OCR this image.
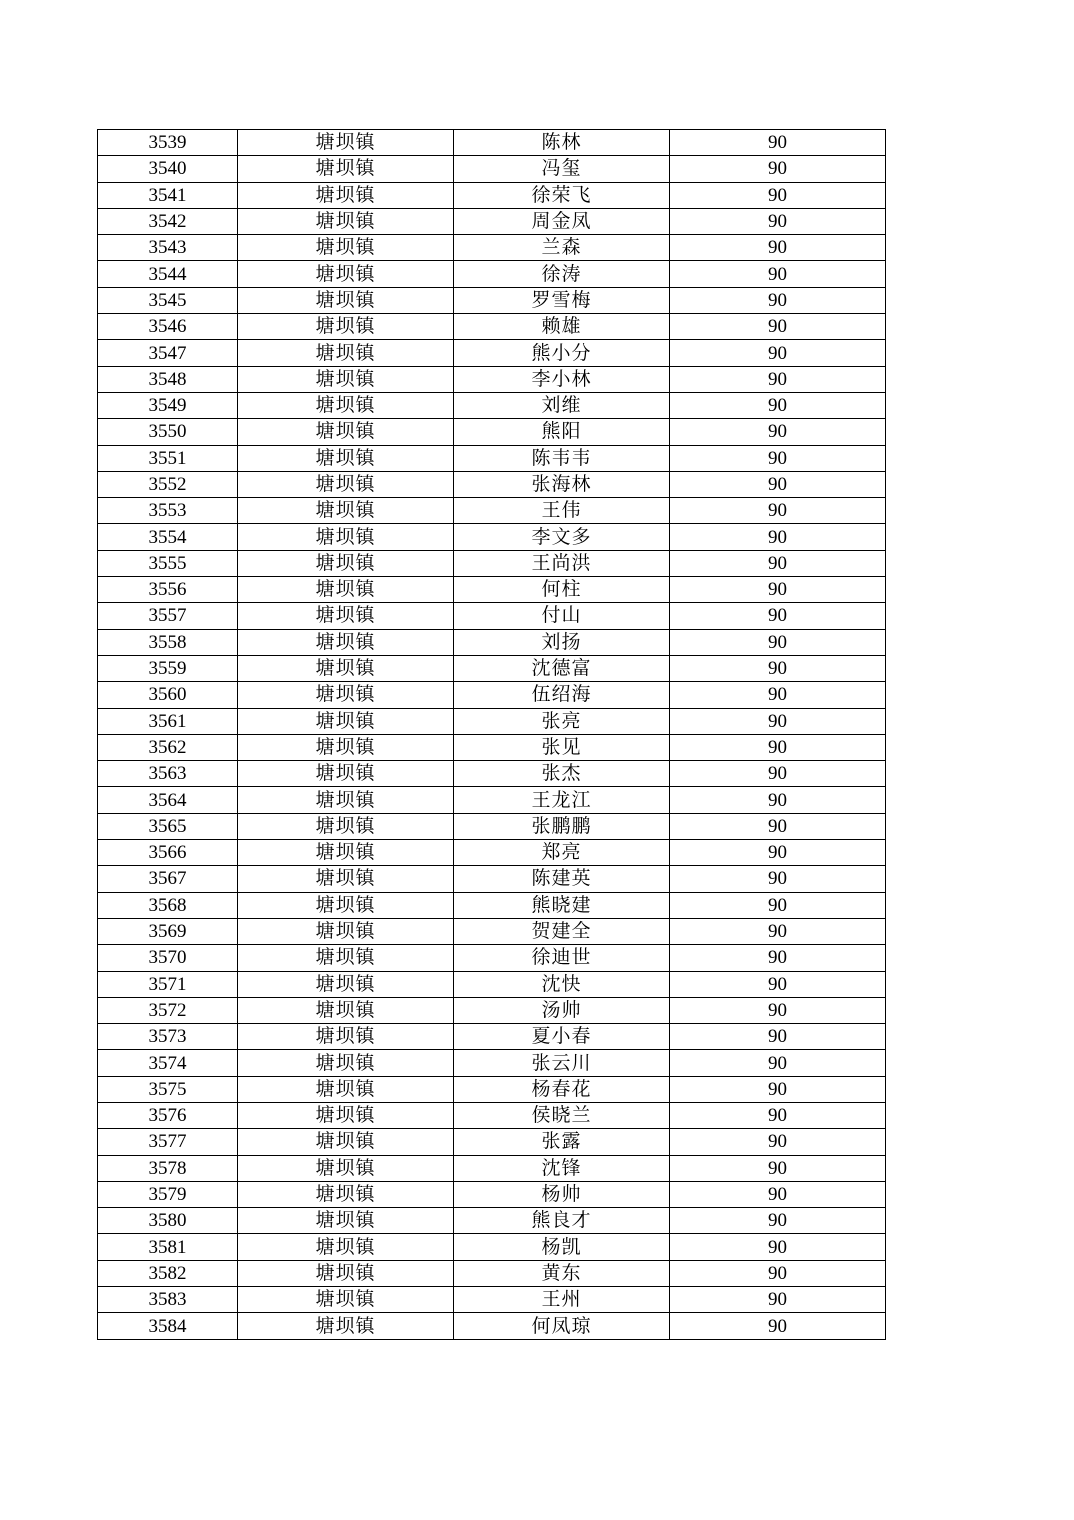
3539	塘坝镇	陈林	90
3540	塘坝镇	冯玺	90
3541	塘坝镇	徐荣飞	90
3542	塘坝镇	周金凤	90
3543	塘坝镇	兰森	90
3544	塘坝镇	徐涛	90
3545	塘坝镇	罗雪梅	90
3546	塘坝镇	赖雄	90
3547	塘坝镇	熊小分	90
3548	塘坝镇	李小林	90
3549	塘坝镇	刘维	90
3550	塘坝镇	熊阳	90
3551	塘坝镇	陈韦韦	90
3552	塘坝镇	张海林	90
3553	塘坝镇	王伟	90
3554	塘坝镇	李文多	90
3555	塘坝镇	王尚洪	90
3556	塘坝镇	何柱	90
3557	塘坝镇	付山	90
3558	塘坝镇	刘扬	90
3559	塘坝镇	沈德富	90
3560	塘坝镇	伍绍海	90
3561	塘坝镇	张亮	90
3562	塘坝镇	张见	90
3563	塘坝镇	张杰	90
3564	塘坝镇	王龙江	90
3565	塘坝镇	张鹏鹏	90
3566	塘坝镇	郑亮	90
3567	塘坝镇	陈建英	90
3568	塘坝镇	熊晓建	90
3569	塘坝镇	贺建全	90
3570	塘坝镇	徐迪世	90
3571	塘坝镇	沈快	90
3572	塘坝镇	汤帅	90
3573	塘坝镇	夏小春	90
3574	塘坝镇	张云川	90
3575	塘坝镇	杨春花	90
3576	塘坝镇	侯晓兰	90
3577	塘坝镇	张露	90
3578	塘坝镇	沈锋	90
3579	塘坝镇	杨帅	90
3580	塘坝镇	熊良才	90
3581	塘坝镇	杨凯	90
3582	塘坝镇	黄东	90
3583	塘坝镇	王州	90
3584	塘坝镇	何凤琼	90
